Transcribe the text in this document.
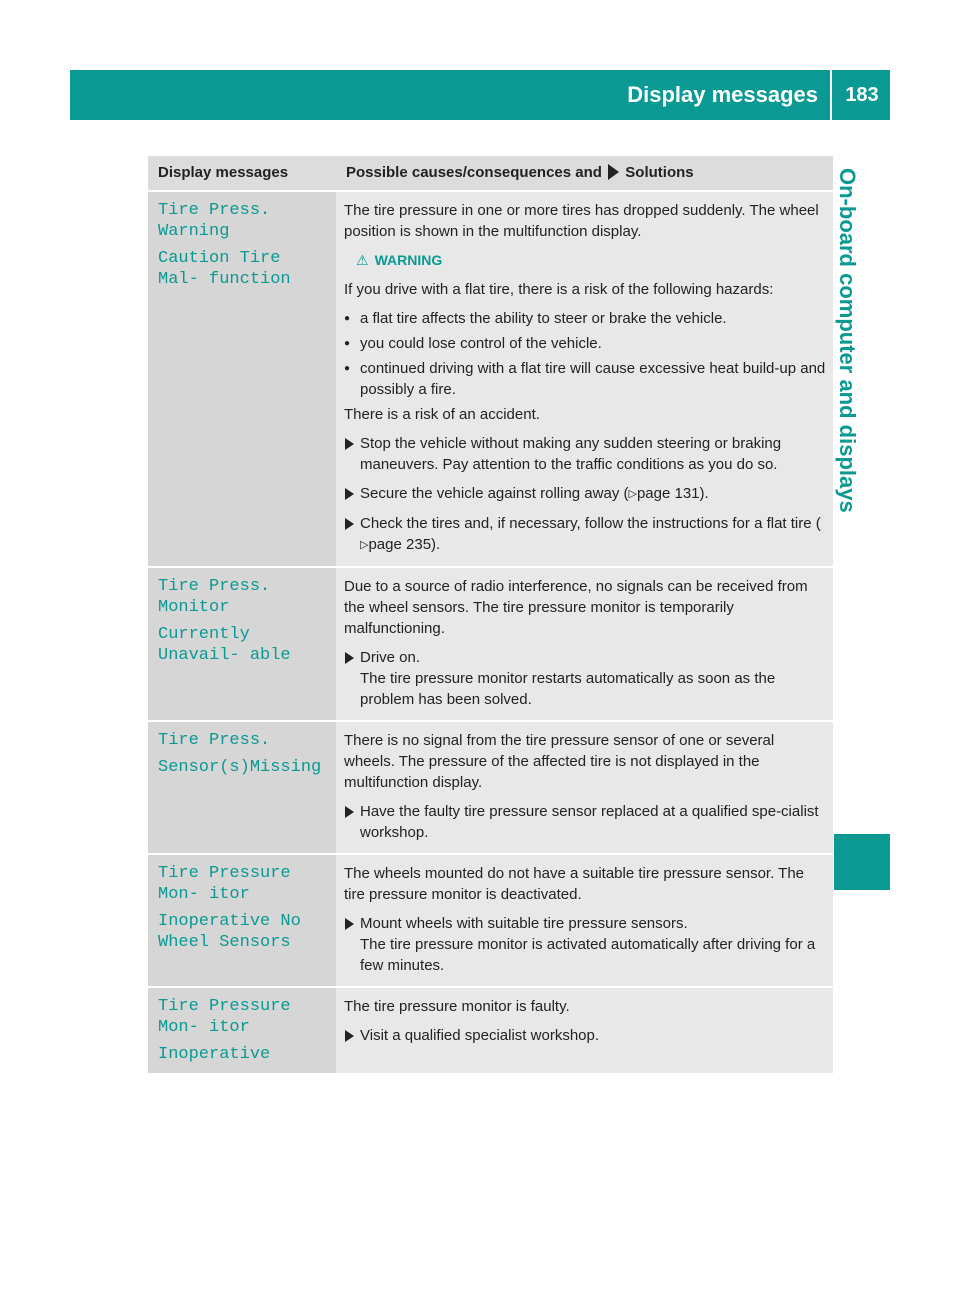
Display messages	183
On-board computer and displays
Display messages	Possible causes/consequences and Solutions
Tire Press. Warning
Caution Tire Mal‐ function
The tire pressure in one or more tires has dropped suddenly. The wheel position is shown in the multifunction display.
⚠ WARNING
If you drive with a flat tire, there is a risk of the following hazards:
● a flat tire affects the ability to steer or brake the vehicle.
● you could lose control of the vehicle.
● continued driving with a flat tire will cause excessive heat build-up and possibly a fire.
There is a risk of an accident.
Stop the vehicle without making any sudden steering or braking maneuvers. Pay attention to the traffic conditions as you do so.
Secure the vehicle against rolling away (▷page 131).
Check the tires and, if necessary, follow the instructions for a flat tire (▷page 235).
Tire Press. Monitor
Currently Unavail‐ able
Due to a source of radio interference, no signals can be received from the wheel sensors. The tire pressure monitor is temporarily malfunctioning.
Drive on.
The tire pressure monitor restarts automatically as soon as the problem has been solved.
Tire Press.
Sensor(s)Missing
There is no signal from the tire pressure sensor of one or several wheels. The pressure of the affected tire is not displayed in the multifunction display.
Have the faulty tire pressure sensor replaced at a qualified spe-cialist workshop.
Tire Pressure Mon‐ itor
Inoperative No Wheel Sensors
The wheels mounted do not have a suitable tire pressure sensor. The tire pressure monitor is deactivated.
Mount wheels with suitable tire pressure sensors.
The tire pressure monitor is activated automatically after driving for a few minutes.
Tire Pressure Mon‐ itor
Inoperative
The tire pressure monitor is faulty.
Visit a qualified specialist workshop.
